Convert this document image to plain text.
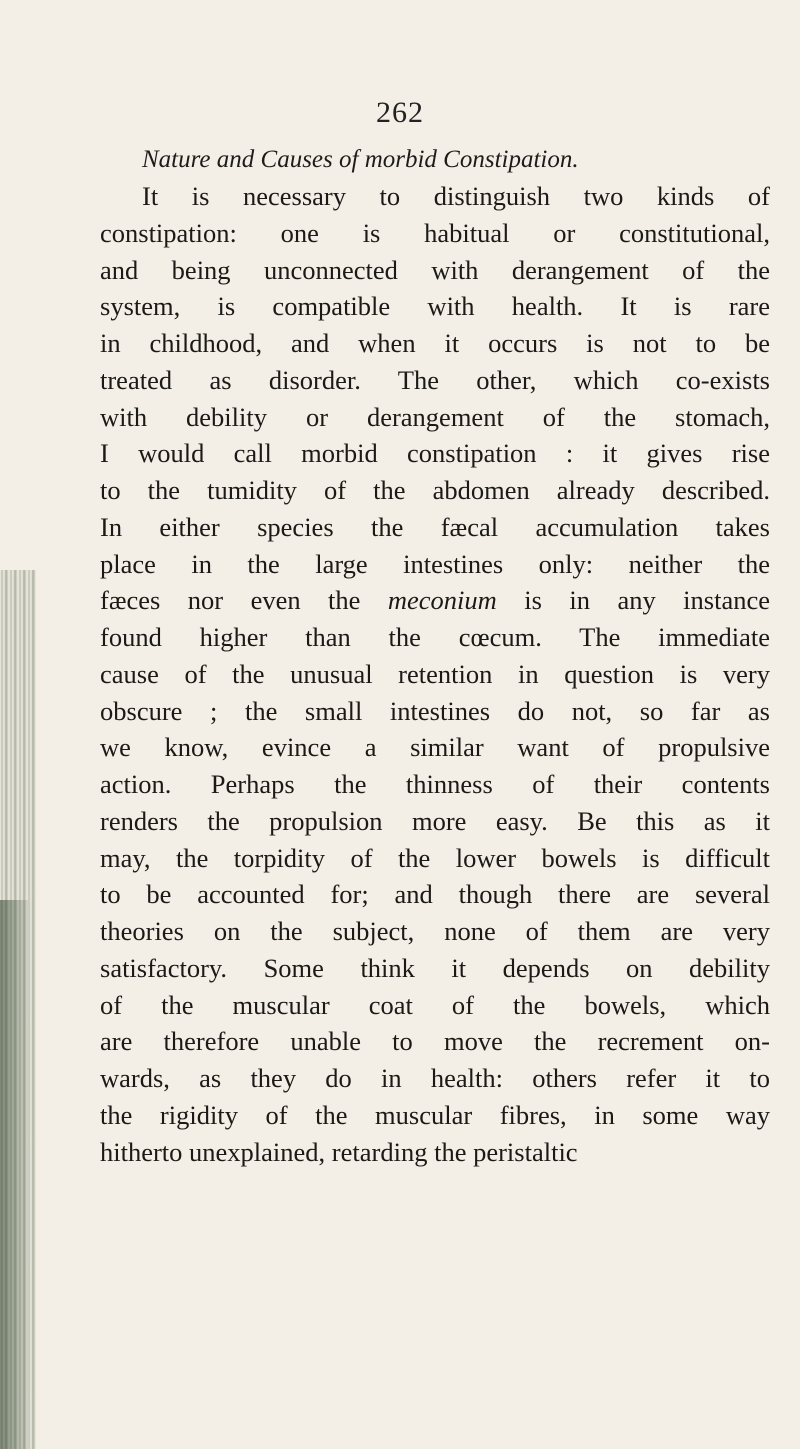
262
Nature and Causes of morbid Constipation.
It is necessary to distinguish two kinds of
constipation: one is habitual or constitutional,
and being unconnected with derangement of the
system, is compatible with health. It is rare
in childhood, and when it occurs is not to be
treated as disorder. The other, which co-exists
with debility or derangement of the stomach,
I would call morbid constipation : it gives rise
to the tumidity of the abdomen already described.
In either species the fæcal accumulation takes
place in the large intestines only: neither the
fæces nor even the meconium is in any instance
found higher than the cœcum. The immediate
cause of the unusual retention in question is very
obscure ; the small intestines do not, so far as
we know, evince a similar want of propulsive
action. Perhaps the thinness of their contents
renders the propulsion more easy. Be this as it
may, the torpidity of the lower bowels is difficult
to be accounted for; and though there are several
theories on the subject, none of them are very
satisfactory. Some think it depends on debility
of the muscular coat of the bowels, which
are therefore unable to move the recrement on-
wards, as they do in health: others refer it to
the rigidity of the muscular fibres, in some way
hitherto unexplained, retarding the peristaltic
